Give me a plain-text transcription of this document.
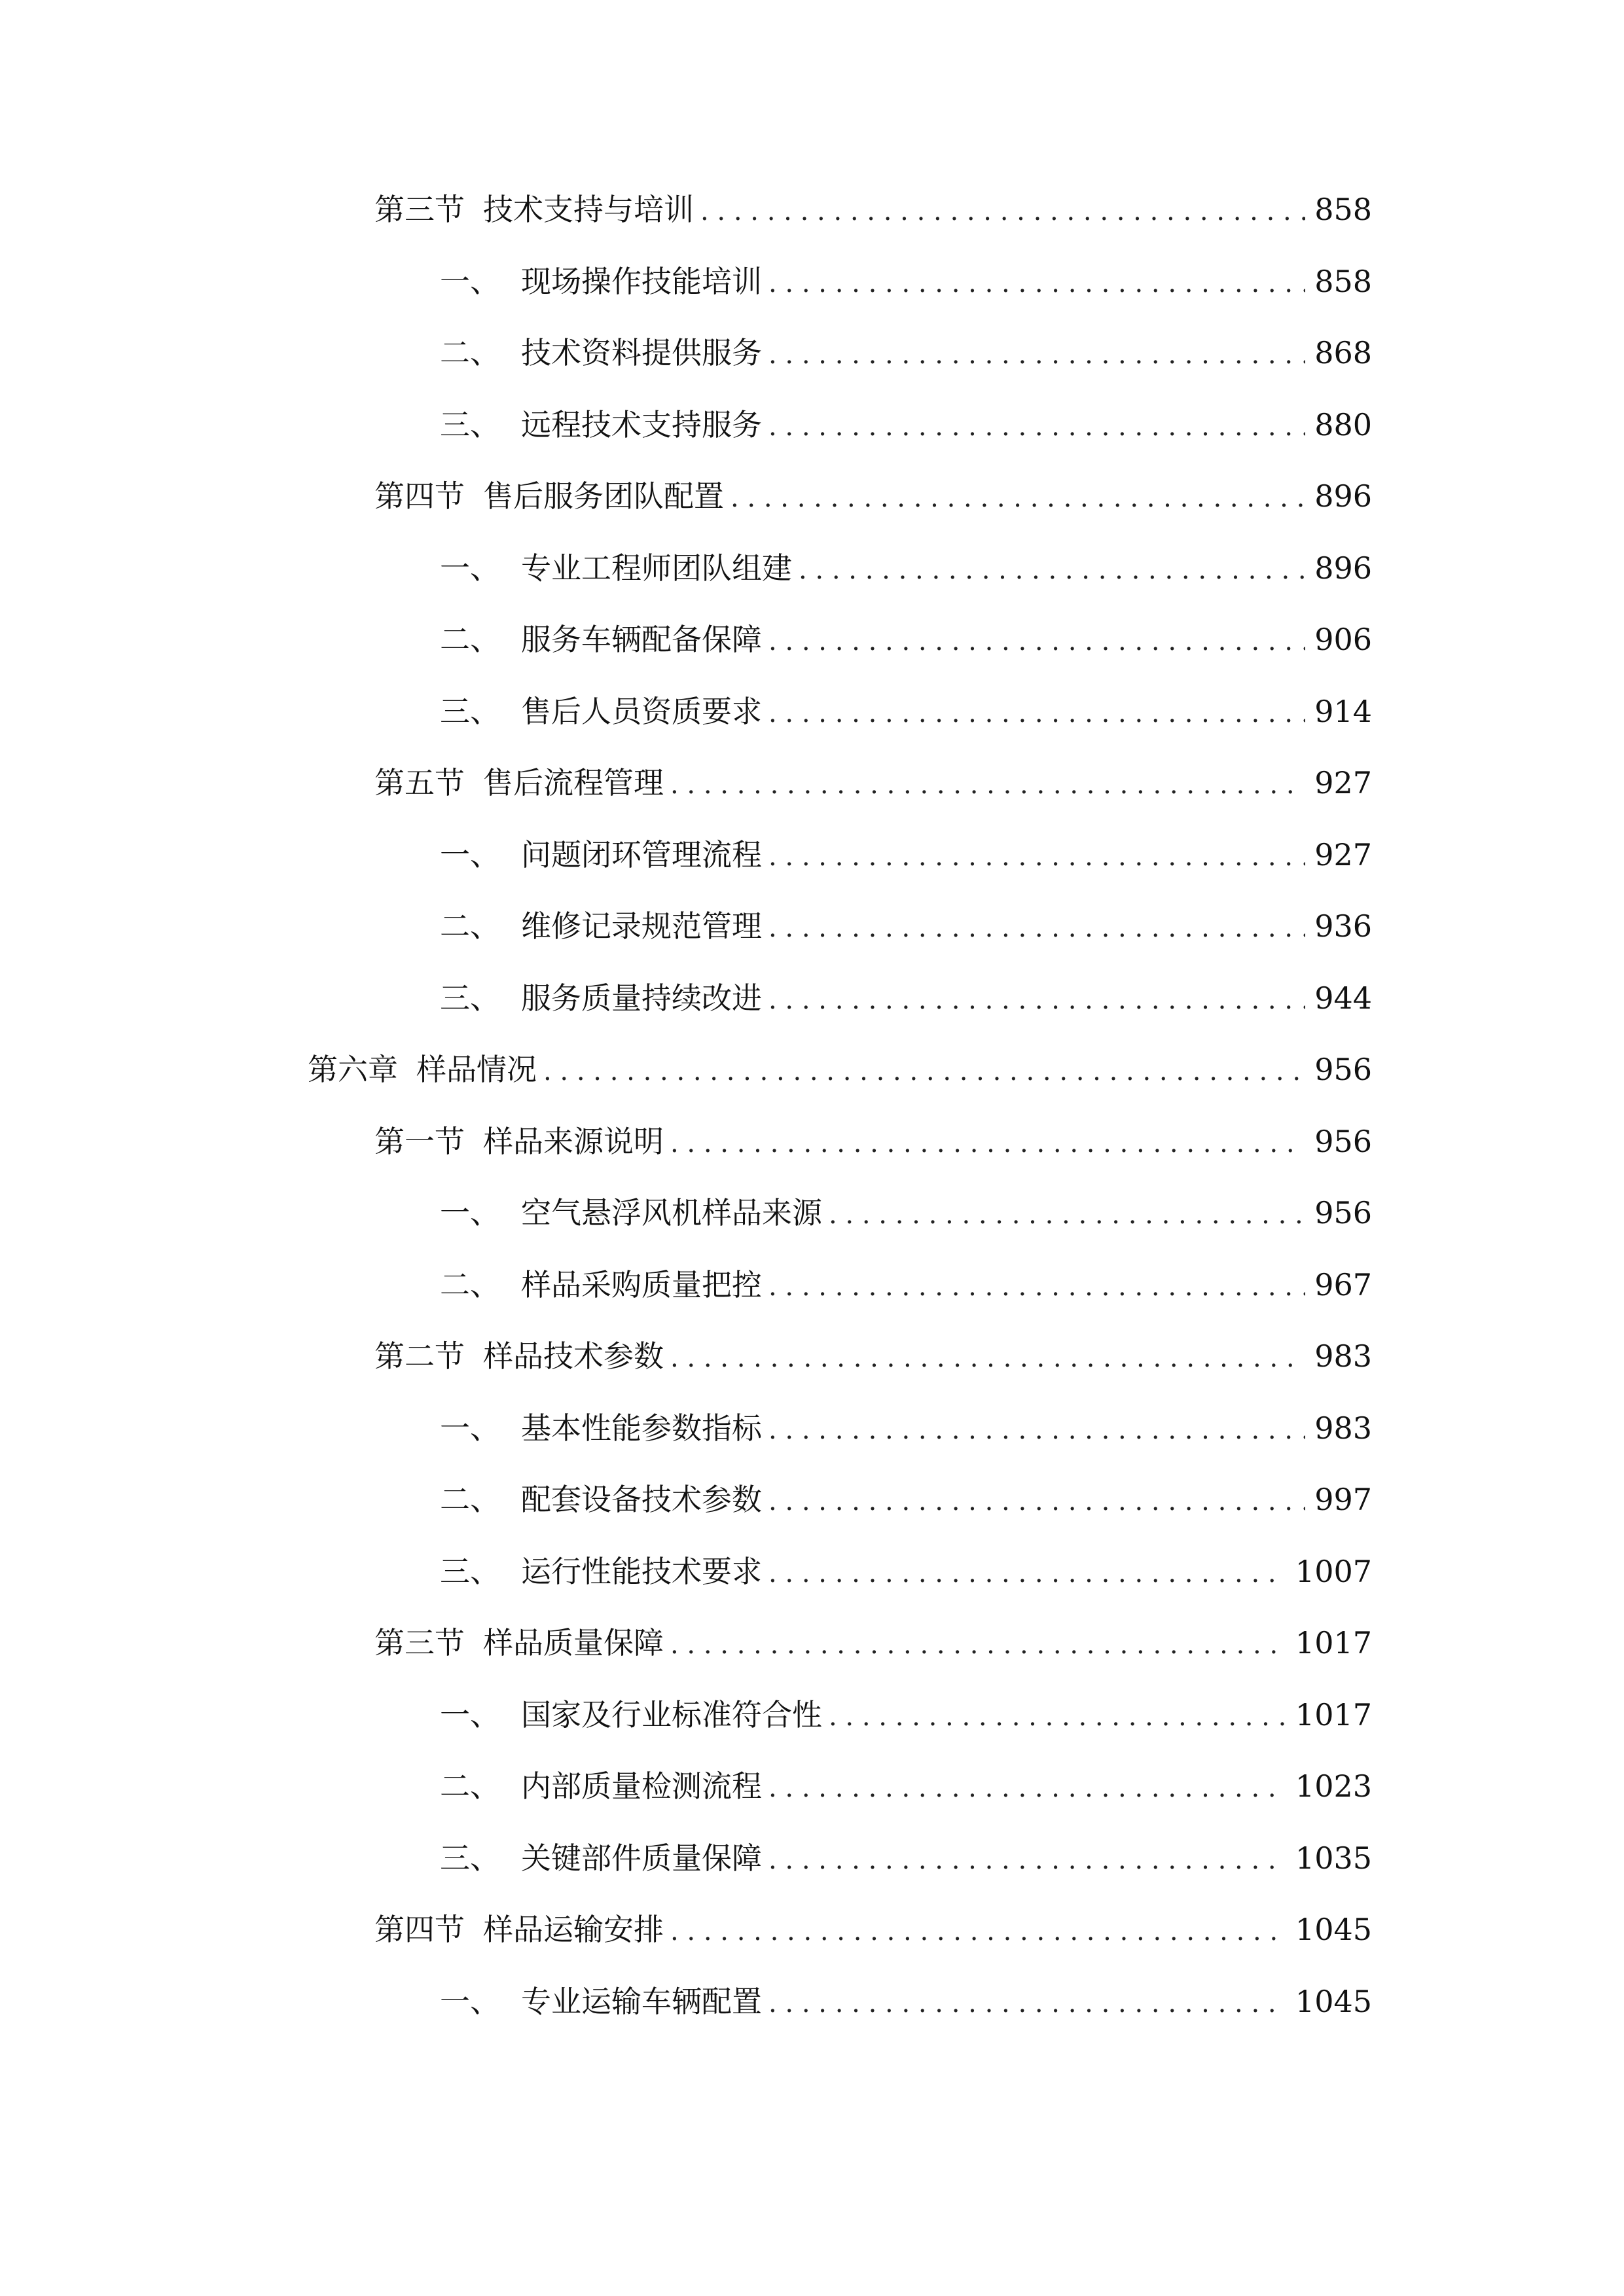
第三节 技术支持与培训 . . .	858
一、 现场操作技能培训 . . .	858
二、 技术资料提供服务 . . .	868
三、 远程技术支持服务 . . .	880
第四节 售后服务团队配置 . . .	896
一、 专业工程师团队组建 . . .	896
二、 服务车辆配备保障 . . .	906
三、 售后人员资质要求 . . .	914
第五节 售后流程管理 . . .	927
一、 问题闭环管理流程 . . .	927
二、 维修记录规范管理 . . .	936
三、 服务质量持续改进 . . .	944
第六章 样品情况 . . .	956
第一节 样品来源说明 . . .	956
一、 空气悬浮风机样品来源 . . .	956
二、 样品采购质量把控 . . .	967
第二节 样品技术参数 . . .	983
一、 基本性能参数指标 . . .	983
二、 配套设备技术参数 . . .	997
三、 运行性能技术要求 . . .	1007
第三节 样品质量保障 . . .	1017
一、 国家及行业标准符合性 . . .	1017
二、 内部质量检测流程 . . .	1023
三、 关键部件质量保障 . . .	1035
第四节 样品运输安排 . . .	1045
一、 专业运输车辆配置 . . .	1045
